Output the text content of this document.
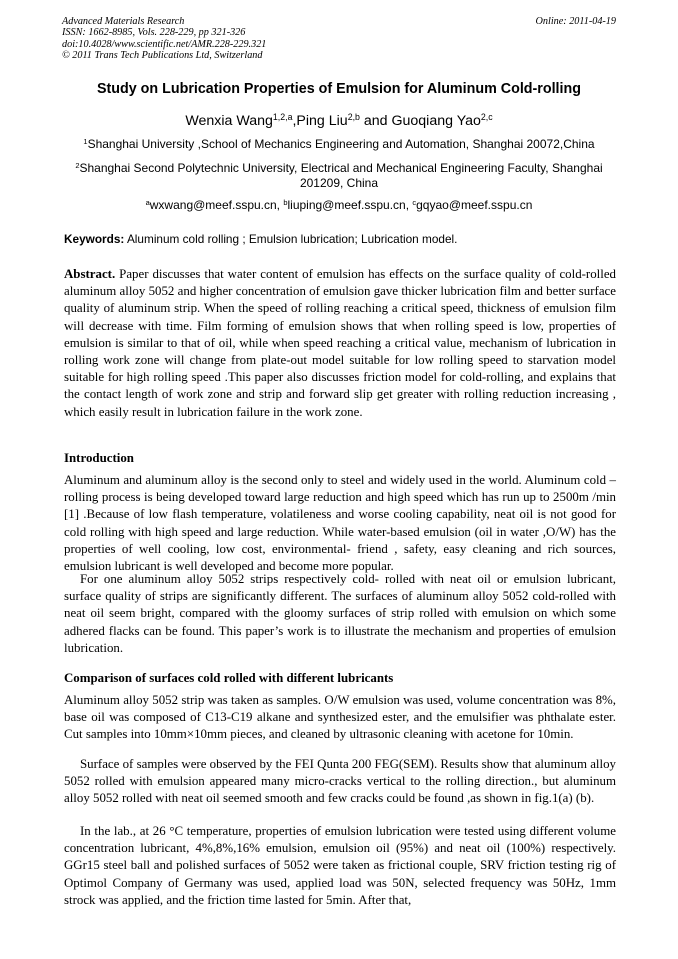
Advanced Materials Research
ISSN: 1662-8985, Vols. 228-229, pp 321-326
doi:10.4028/www.scientific.net/AMR.228-229.321
© 2011 Trans Tech Publications Ltd, Switzerland
Online: 2011-04-19
Study on Lubrication Properties of Emulsion for Aluminum Cold-rolling
Wenxia Wang$^{1,2,a}$,Ping Liu$^{2,b}$ and Guoqiang Yao$^{2,c}$
$^1$Shanghai University ,School of Mechanics Engineering and Automation, Shanghai 20072,China
$^2$Shanghai Second Polytechnic University, Electrical and Mechanical Engineering Faculty, Shanghai 201209, China
$^a$wxwang@meef.sspu.cn, $^b$liuping@meef.sspu.cn, $^c$gqyao@meef.sspu.cn
Keywords: Aluminum cold rolling ; Emulsion lubrication; Lubrication model.
Abstract. Paper discusses that water content of emulsion has effects on the surface quality of cold-rolled aluminum alloy 5052 and higher concentration of emulsion gave thicker lubrication film and better surface quality of aluminum strip. When the speed of rolling reaching a critical speed, thickness of emulsion film will decrease with time. Film forming of emulsion shows that when rolling speed is low, properties of emulsion is similar to that of oil, while when speed reaching a critical value, mechanism of lubrication in rolling work zone will change from plate-out model suitable for low rolling speed to starvation model suitable for high rolling speed .This paper also discusses friction model for cold-rolling, and explains that the contact length of work zone and strip and forward slip get greater with rolling reduction increasing , which easily result in lubrication failure in the work zone.
Introduction
Aluminum and aluminum alloy is the second only to steel and widely used in the world. Aluminum cold – rolling process is being developed toward large reduction and high speed which has run up to 2500m /min [1] .Because of low flash temperature, volatileness and worse cooling capability, neat oil is not good for cold rolling with high speed and large reduction. While water-based emulsion (oil in water ,O/W) has the properties of well cooling, low cost, environmental- friend , safety, easy cleaning and rich sources, emulsion lubricant is well developed and become more popular.
For one aluminum alloy 5052 strips respectively cold- rolled with neat oil or emulsion lubricant, surface quality of strips are significantly different. The surfaces of aluminum alloy 5052 cold-rolled with neat oil seem bright, compared with the gloomy surfaces of strip rolled with emulsion on which some adhered flacks can be found. This paper’s work is to illustrate the mechanism and properties of emulsion lubrication.
Comparison of surfaces cold rolled with different lubricants
Aluminum alloy 5052 strip was taken as samples. O/W emulsion was used, volume concentration was 8%, base oil was composed of C13-C19 alkane and synthesized ester, and the emulsifier was phthalate ester. Cut samples into 10mm×10mm pieces, and cleaned by ultrasonic cleaning with acetone for 10min.
Surface of samples were observed by the FEI Qunta 200 FEG(SEM). Results show that aluminum alloy 5052 rolled with emulsion appeared many micro-cracks vertical to the rolling direction., but aluminum alloy 5052 rolled with neat oil seemed smooth and few cracks could be found ,as shown in fig.1(a) (b).
In the lab., at 26 °C temperature, properties of emulsion lubrication were tested using different volume concentration lubricant, 4%,8%,16% emulsion, emulsion oil (95%) and neat oil (100%) respectively. GGr15 steel ball and polished surfaces of 5052 were taken as frictional couple, SRV friction testing rig of Optimol Company of Germany was used, applied load was 50N, selected frequency was 50Hz, 1mm strock was applied, and the friction time lasted for 5min. After that,
